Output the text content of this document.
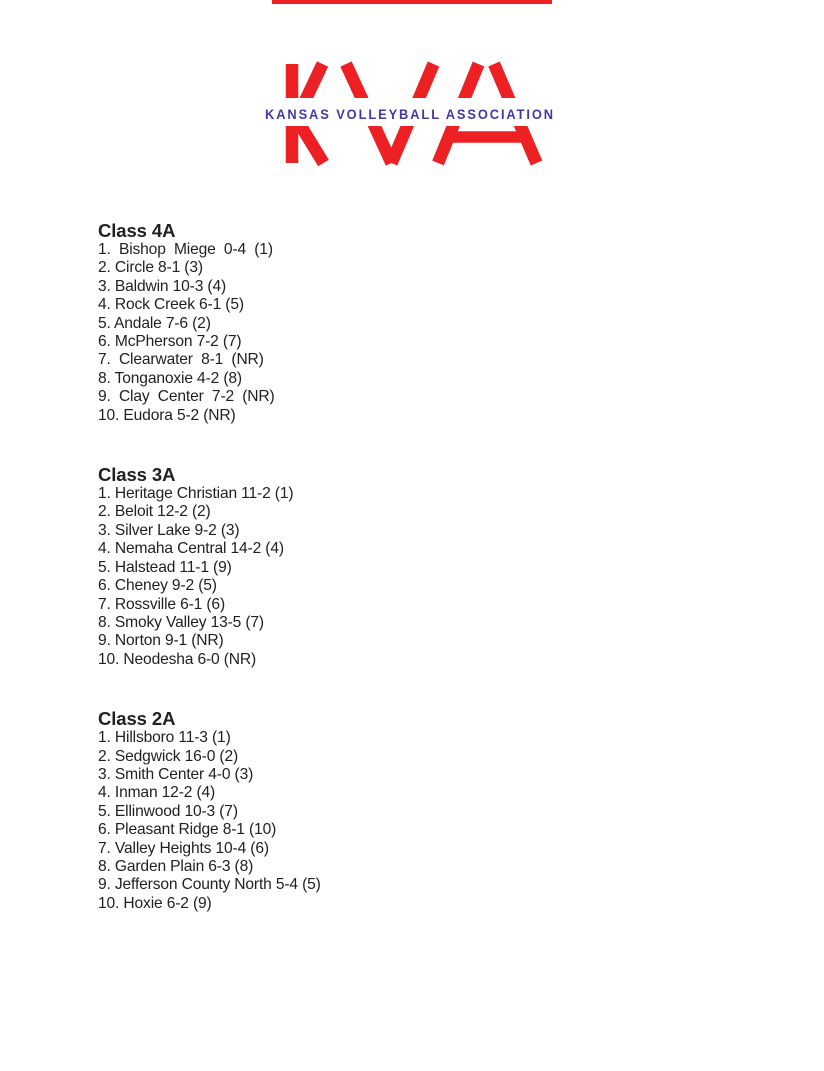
KANSAS VOLLEYBALL ASSOCIATION
Class 4A
1. Bishop Miege 0-4 (1)
2. Circle 8-1 (3)
3. Baldwin 10-3 (4)
4. Rock Creek 6-1 (5)
5. Andale 7-6 (2)
6. McPherson 7-2 (7)
7. Clearwater 8-1 (NR)
8. Tonganoxie 4-2 (8)
9. Clay Center 7-2 (NR)
10. Eudora 5-2 (NR)
Class 3A
1. Heritage Christian 11-2 (1)
2. Beloit 12-2 (2)
3. Silver Lake 9-2 (3)
4. Nemaha Central 14-2 (4)
5. Halstead 11-1 (9)
6. Cheney 9-2 (5)
7. Rossville 6-1 (6)
8. Smoky Valley 13-5 (7)
9. Norton 9-1 (NR)
10. Neodesha 6-0 (NR)
Class 2A
1. Hillsboro 11-3 (1)
2. Sedgwick 16-0 (2)
3. Smith Center 4-0 (3)
4. Inman 12-2 (4)
5. Ellinwood 10-3 (7)
6. Pleasant Ridge 8-1 (10)
7. Valley Heights 10-4 (6)
8. Garden Plain 6-3 (8)
9. Jefferson County North 5-4 (5)
10. Hoxie 6-2 (9)
